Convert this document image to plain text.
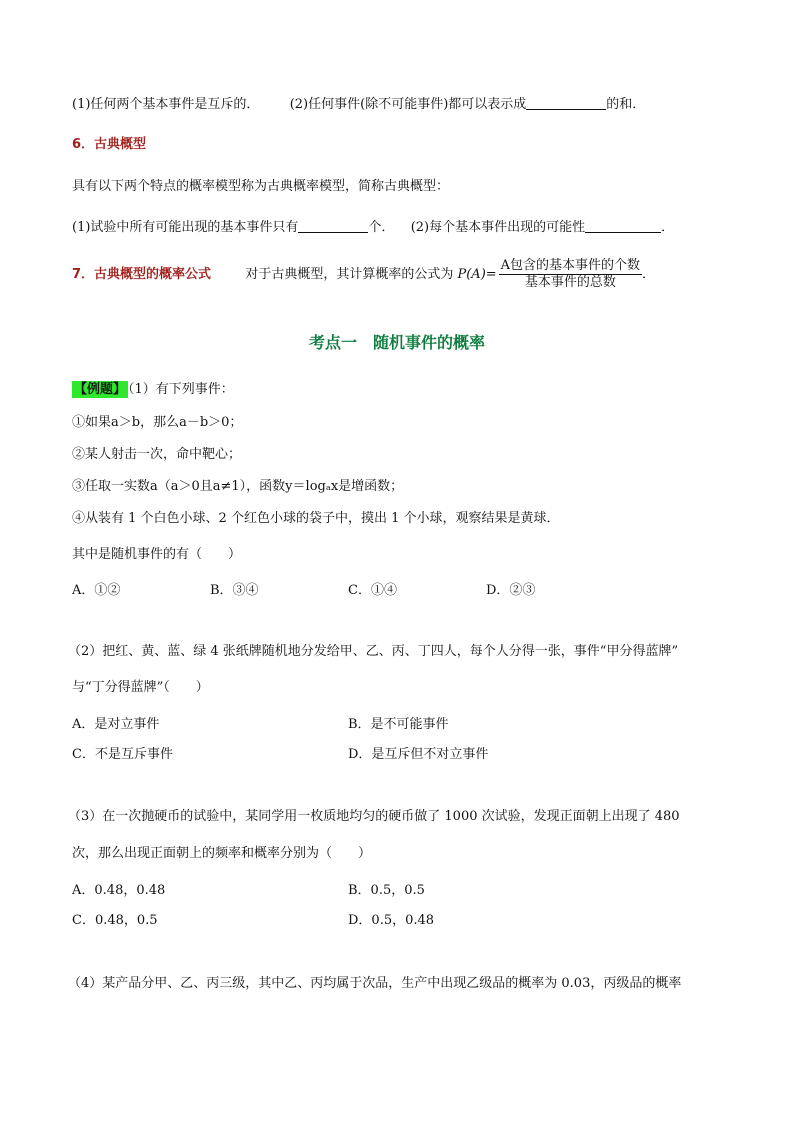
(1)任何两个基本事件是互斥的． (2)任何事件(除不可能事件)都可以表示成	的和．
6．古典概型
具有以下两个特点的概率模型称为古典概率模型，简称古典概型：
(1)试验中所有可能出现的基本事件只有	个． (2)每个基本事件出现的可能性	．
7．古典概型的概率公式	对于古典概型，其计算概率的公式为 $P(A)= \frac{\text{A包含的基本事件的个数}}{\text{基本事件的总数}}$ ．
考点一　随机事件的概率
【例题】 （1）有下列事件：
①如果a＞b，那么a－b＞0；
②某人射击一次，命中靶心；
③任取一实数a（a＞0且a≠1），函数y＝logₐx是增函数；
④从装有 1 个白色小球、2 个红色小球的袋子中，摸出 1 个小球，观察结果是黄球．
其中是随机事件的有（　　）
A．①②	B．③④	C．①④	D．②③
（2）把红、黄、蓝、绿 4 张纸牌随机地分发给甲、乙、丙、丁四人，每个人分得一张，事件“甲分得蓝牌”
与“丁分得蓝牌”（　　）
A．是对立事件	B．是不可能事件
C．不是互斥事件	D．是互斥但不对立事件
（3）在一次抛硬币的试验中，某同学用一枚质地均匀的硬币做了 1000 次试验，发现正面朝上出现了 480
次，那么出现正面朝上的频率和概率分别为（　　）
A．0.48，0.48	B．0.5，0.5
C．0.48，0.5	D．0.5，0.48
（4）某产品分甲、乙、丙三级，其中乙、丙均属于次品，生产中出现乙级品的概率为 0.03，丙级品的概率
